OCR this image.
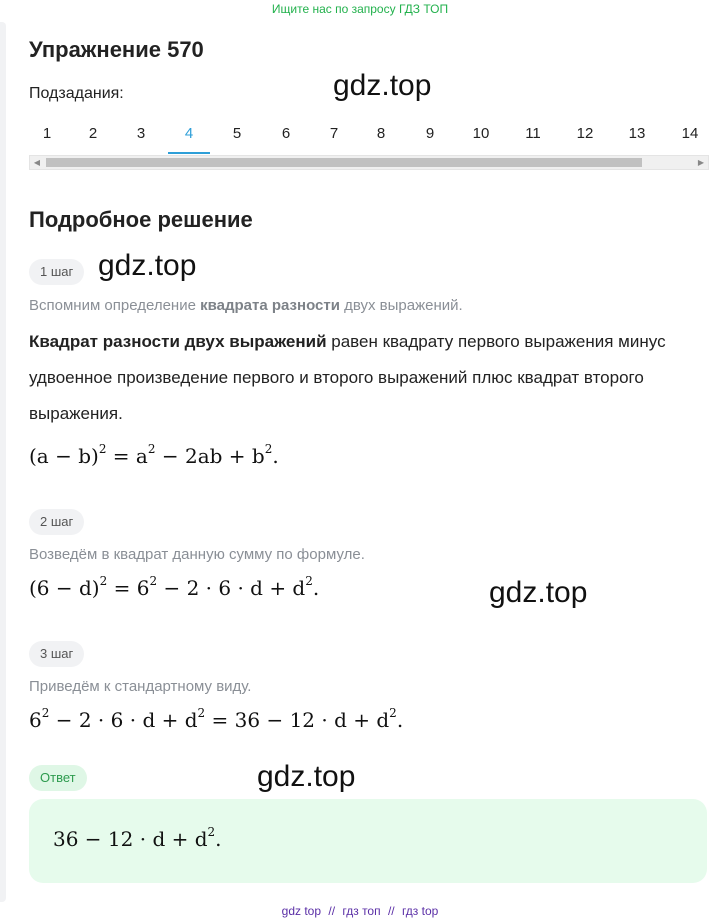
Ищите нас по запросу ГДЗ ТОП
Упражнение 570
Подзадания:	gdz.top
1	2	3	4	5	6	7	8	9	10	11	12	13	14
◀	▶
Подробное решение
1 шаг gdz.top
Вспомним определение квадрата разности двух выражений.
Квадрат разности двух выражений равен квадрату первого выражения минус удвоенное произведение первого и второго выражений плюс квадрат второго выражения.
$(a - b)^2 = a^2 - 2ab + b^2$.
2 шаг
Возведём в квадрат данную сумму по формуле.
$(6 - d)^2 = 6^2 - 2 \cdot 6 \cdot d + d^2$.	gdz.top
3 шаг
Приведём к стандартному виду.
$6^2 - 2 \cdot 6 \cdot d + d^2 = 36 - 12 \cdot d + d^2$.
Ответ	gdz.top
$36 - 12 \cdot d + d^2$.
gdz top // гдз топ // гдз top
